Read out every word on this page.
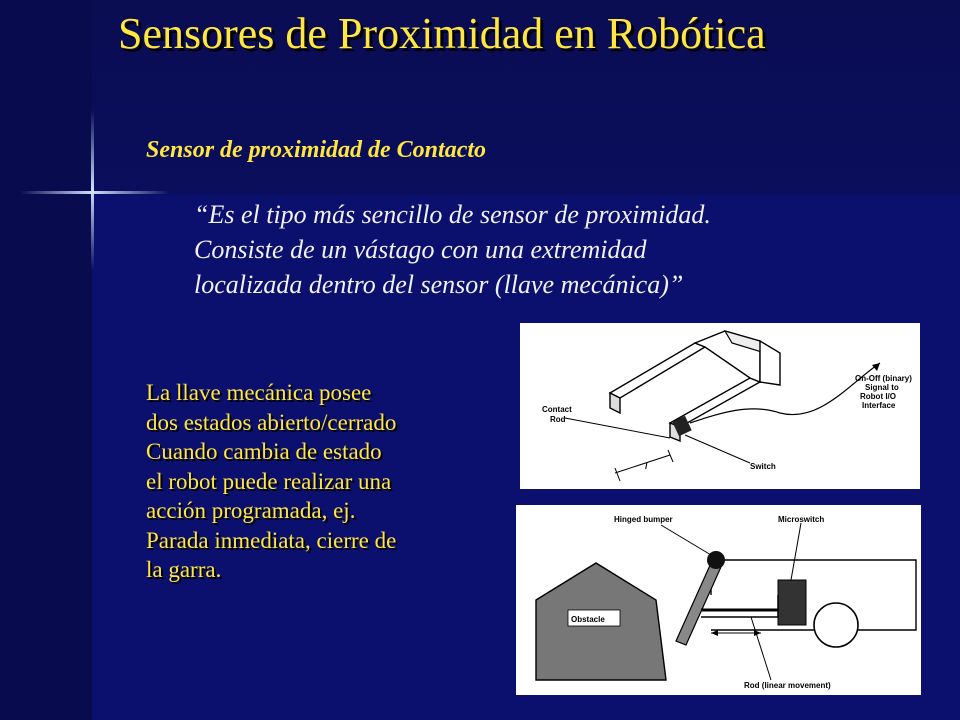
Sensores de Proximidad en Robótica
Sensor de proximidad de Contacto
“Es el tipo más sencillo de sensor de proximidad.
Consiste de un vástago con una extremidad
localizada dentro del sensor (llave mecánica)”
La llave mecánica posee
dos estados abierto/cerrado
Cuando cambia de estado
el robot puede realizar una
acción programada, ej.
Parada inmediata, cierre de
la garra.
Contact
Rod
On-Off (binary)
Signal to
Robot I/O
Interface
Switch
l
Obstacle
Hinged bumper	Microswitch
Rod (linear movement)
